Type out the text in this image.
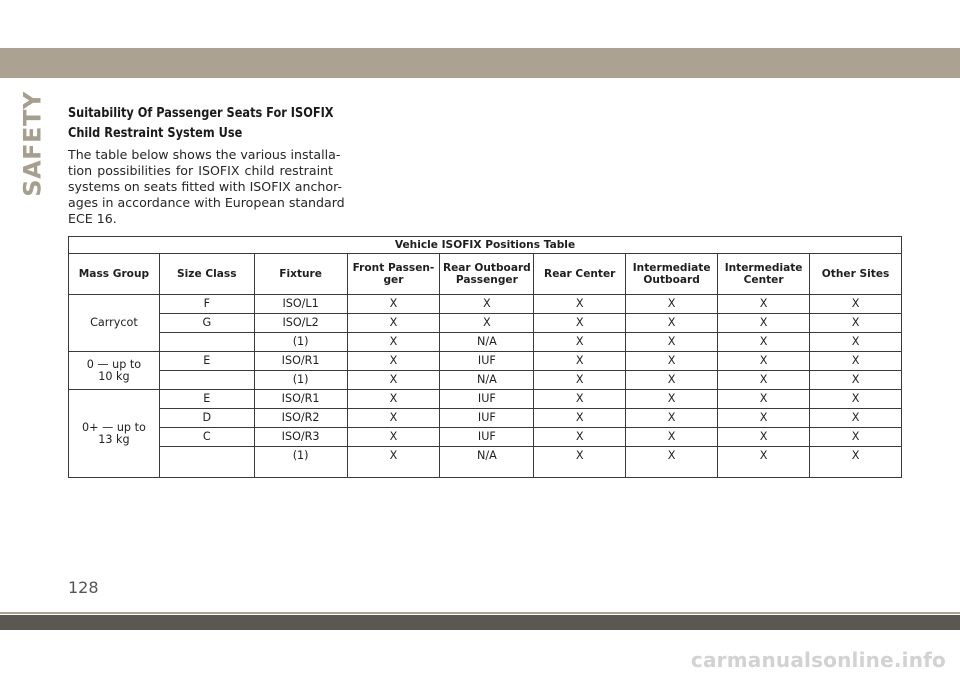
SAFETY Suitability Of Passenger Seats For ISOFIX
Child Restraint System Use
The table below shows the various installa-
tion possibilities for ISOFIX child restraint
systems on seats fitted with ISOFIX anchor-
ages in accordance with European standard
ECE 16.
Vehicle ISOFIX Positions Table								
Mass Group	Size Class	Fixture	Front Passen-
ger	Rear Outboard
Passenger	Rear Center	Intermediate
Outboard	Intermediate
Center	Other Sites
Carrycot	F	ISO/L1	X	X	X	X	X	X
	G	ISO/L2	X	X	X	X	X	X
		(1)	X	N/A	X	X	X	X
0 — up to
10 kg	E	ISO/R1	X	IUF	X	X	X	X
		(1)	X	N/A	X	X	X	X
0+ — up to
13 kg	E	ISO/R1	X	IUF	X	X	X	X
	D	ISO/R2	X	IUF	X	X	X	X
	C	ISO/R3	X	IUF	X	X	X	X
		(1)	X	N/A	X	X	X	X
128
carmanualsonline.info
